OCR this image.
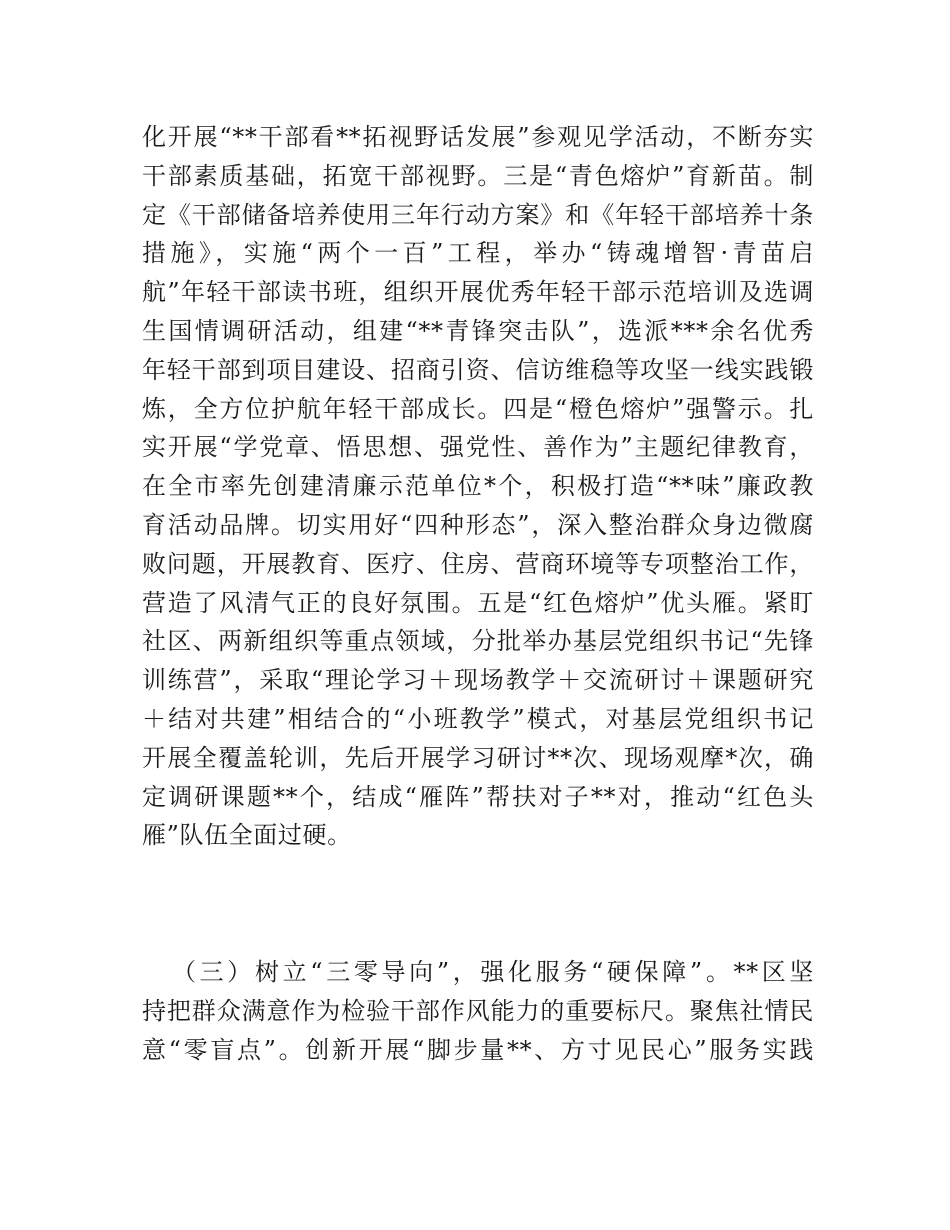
化开展“**干部看**拓视野话发展”参观见学活动，不断夯实
干部素质基础，拓宽干部视野。三是“青色熔炉”育新苗。制
定《干部储备培养使用三年行动方案》和《年轻干部培养十条
措施》，实施“两个一百”工程，举办“铸魂增智·青苗启
航”年轻干部读书班，组织开展优秀年轻干部示范培训及选调
生国情调研活动，组建“**青锋突击队”，选派***余名优秀
年轻干部到项目建设、招商引资、信访维稳等攻坚一线实践锻
炼，全方位护航年轻干部成长。四是“橙色熔炉”强警示。扎
实开展“学党章、悟思想、强党性、善作为”主题纪律教育，
在全市率先创建清廉示范单位*个，积极打造“**味”廉政教
育活动品牌。切实用好“四种形态”，深入整治群众身边微腐
败问题，开展教育、医疗、住房、营商环境等专项整治工作，
营造了风清气正的良好氛围。五是“红色熔炉”优头雁。紧盯
社区、两新组织等重点领域，分批举办基层党组织书记“先锋
训练营”，采取“理论学习＋现场教学＋交流研讨＋课题研究
＋结对共建”相结合的“小班教学”模式，对基层党组织书记
开展全覆盖轮训，先后开展学习研讨**次、现场观摩*次，确
定调研课题**个，结成“雁阵”帮扶对子**对，推动“红色头
雁”队伍全面过硬。
（三）树立“三零导向”，强化服务“硬保障”。**区坚
持把群众满意作为检验干部作风能力的重要标尺。聚焦社情民
意“零盲点”。创新开展“脚步量**、方寸见民心”服务实践
